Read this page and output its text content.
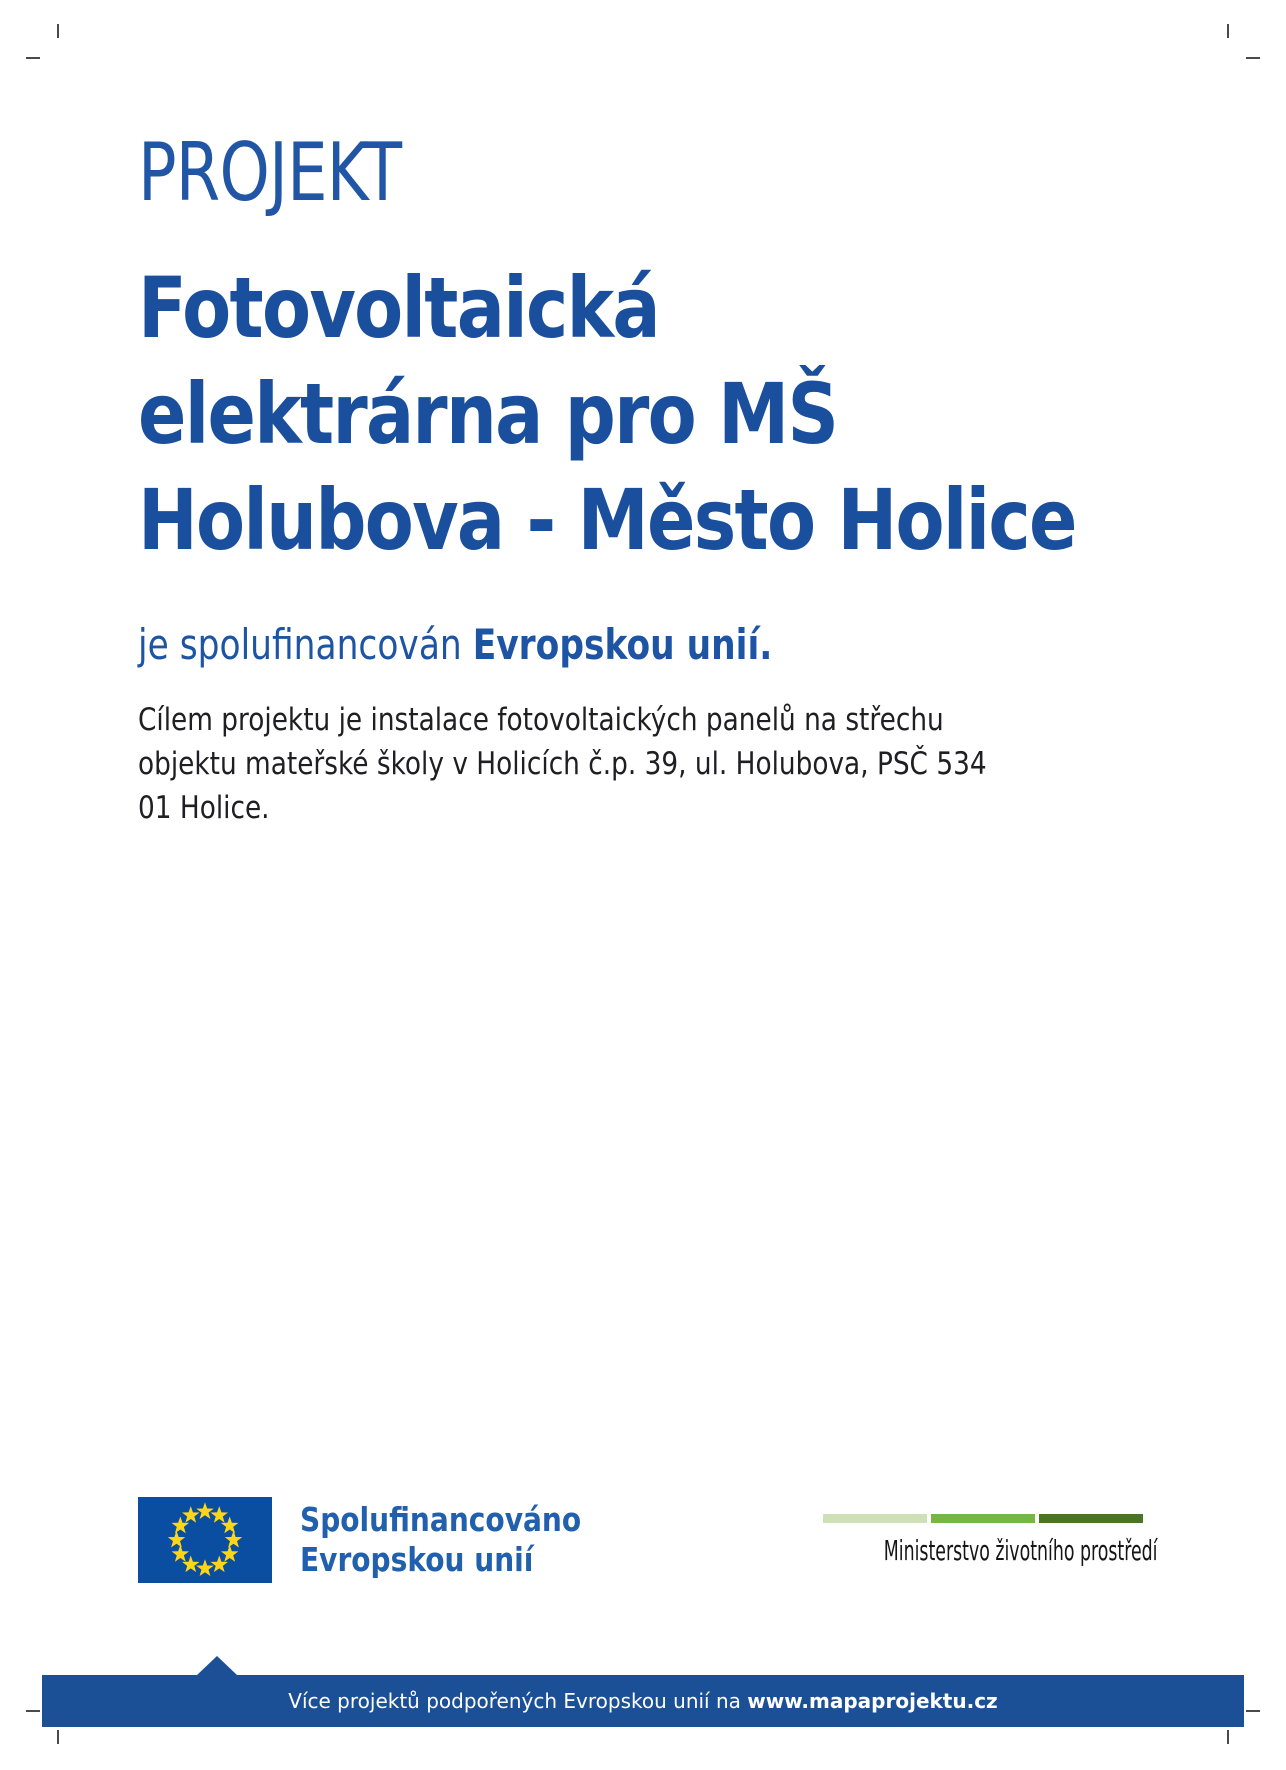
PROJEKT
Fotovoltaická
elektrárna pro MŠ
Holubova - Město Holice
je spolufinancován Evropskou unií.
Cílem projektu je instalace fotovoltaických panelů na střechu
objektu mateřské školy v Holicích č.p. 39, ul. Holubova, PSČ 534
01 Holice.
Spolufinancováno
Evropskou unií	Ministerstvo životního prostředí
Více projektů podpořených Evropskou unií na www.mapaprojektu.cz
